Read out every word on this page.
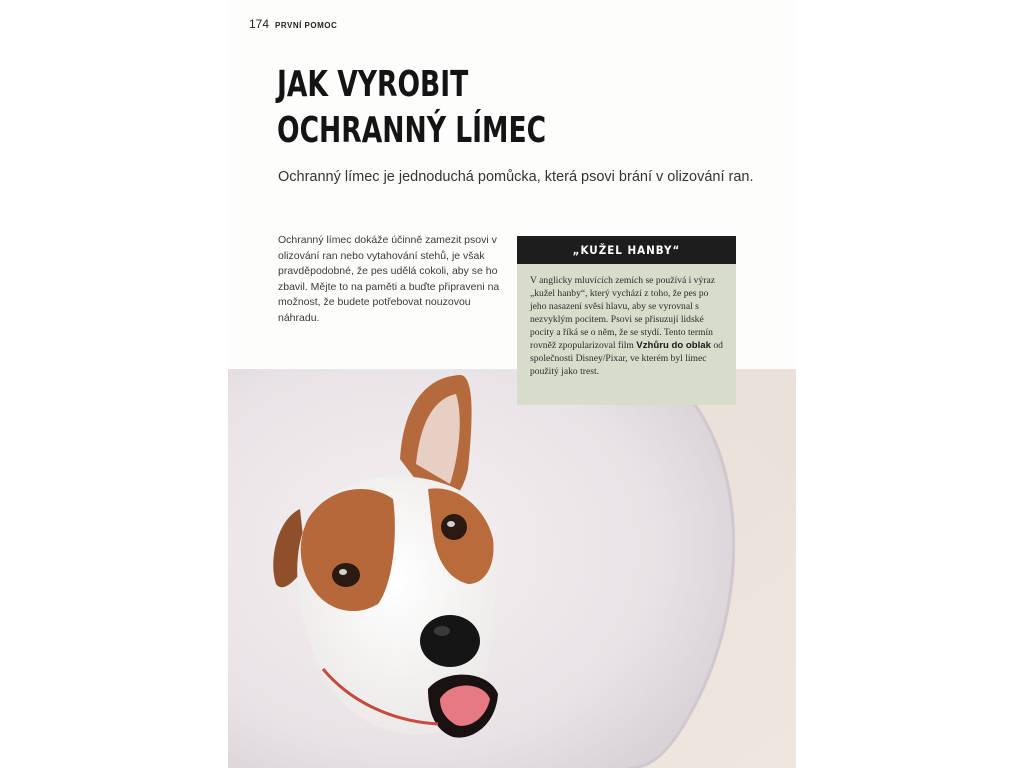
174 PRVNÍ POMOC
JAK VYROBIT
OCHRANNÝ LÍMEC
Ochranný límec je jednoduchá pomůcka, která psovi brání v olizování ran.

Ochranný límec dokáže účinně zamezit psovi v olizování ran nebo vytahování stehů, je však pravděpodobné, že pes udělá cokoli, aby se ho zbavil. Mějte to na paměti a buďte připraveni na možnost, že budete potřebovat nouzovou náhradu.

„KUŽEL HANBY“
V anglicky mluvících zemích se používá i výraz „kužel hanby“, který vychází z toho, že pes po jeho nasazení svěsí hlavu, aby se vyrovnal s nezvyklým pocitem. Psovi se přisuzují lidské pocity a říká se o něm, že se stydí. Tento termín rovněž zpopularizoval film Vzhůru do oblak od společnosti Disney/Pixar, ve kterém byl límec použitý jako trest.
